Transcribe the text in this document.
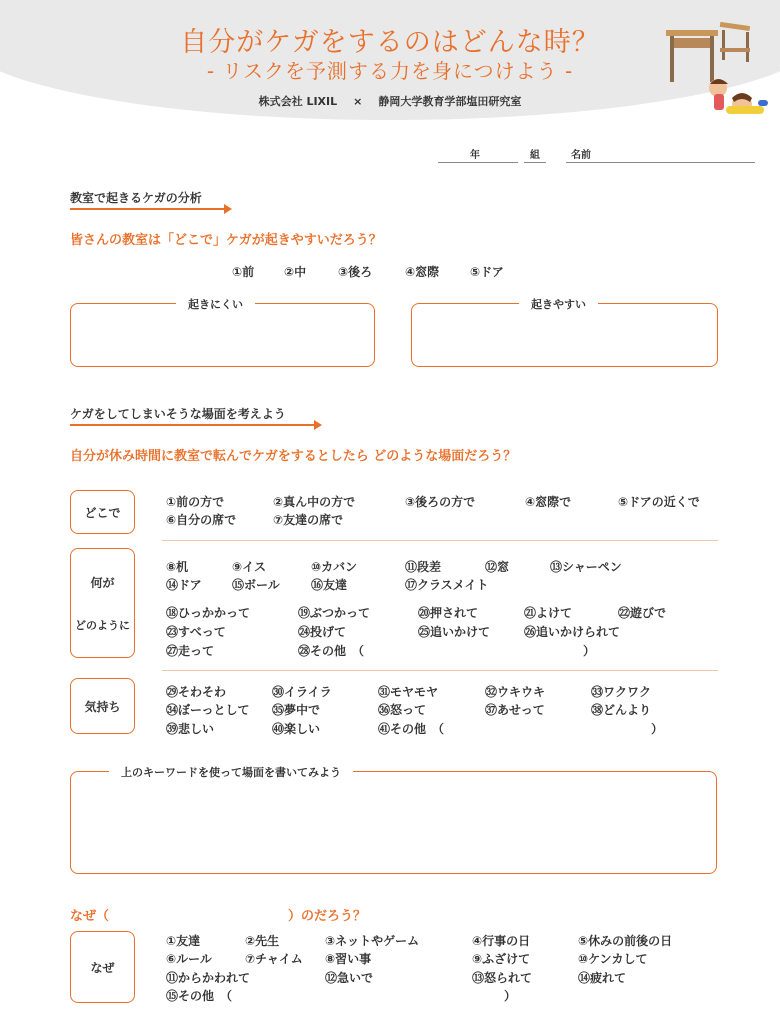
自分がケガをするのはどんな時？
- リスクを予測する力を身につけよう -
株式会社 LIXIL × 静岡大学教育学部塩田研究室
年	組	名前
教室で起きるケガの分析
皆さんの教室は「どこで」ケガが起きやすいだろう？
①前 ②中	③後ろ	④窓際	⑤ドア
起きにくい	起きやすい
ケガをしてしまいそうな場面を考えよう
自分が休み時間に教室で転んでケガをするとしたら どのような場面だろう？
どこで
①前の方で	②真ん中の方で	③後ろの方で	④窓際で	⑤ドアの近くで
⑥自分の席で	⑦友達の席で
何が
どのように
⑧机	⑨イス	⑩カバン	⑪段差	⑫窓	⑬シャーペン
⑭ドア	⑮ボール	⑯友達	⑰クラスメイト
⑱ひっかかって	⑲ぶつかって	⑳押されて	㉑よけて	㉒遊びで
㉓すべって	㉔投げて	㉕追いかけて	㉖追いかけられて
㉗走って	㉘その他　（	）
気持ち
㉙そわそわ	㉚イライラ	㉛モヤモヤ	㉜ウキウキ	㉝ワクワク
㉞ぼーっとして ㉟夢中で	㊱怒って	㊲あせって	㊳どんより
㊴悲しい	㊵楽しい	㊶その他　（	）
上のキーワードを使って場面を書いてみよう
なぜ（	）のだろう？
なぜ
①友達	②先生	③ネットやゲーム	④行事の日	⑤休みの前後の日
⑥ルール	⑦チャイム ⑧習い事	⑨ふざけて	⑩ケンカして
⑪からかわれて	⑫急いで	⑬怒られて	⑭疲れて
⑮その他　（	）
